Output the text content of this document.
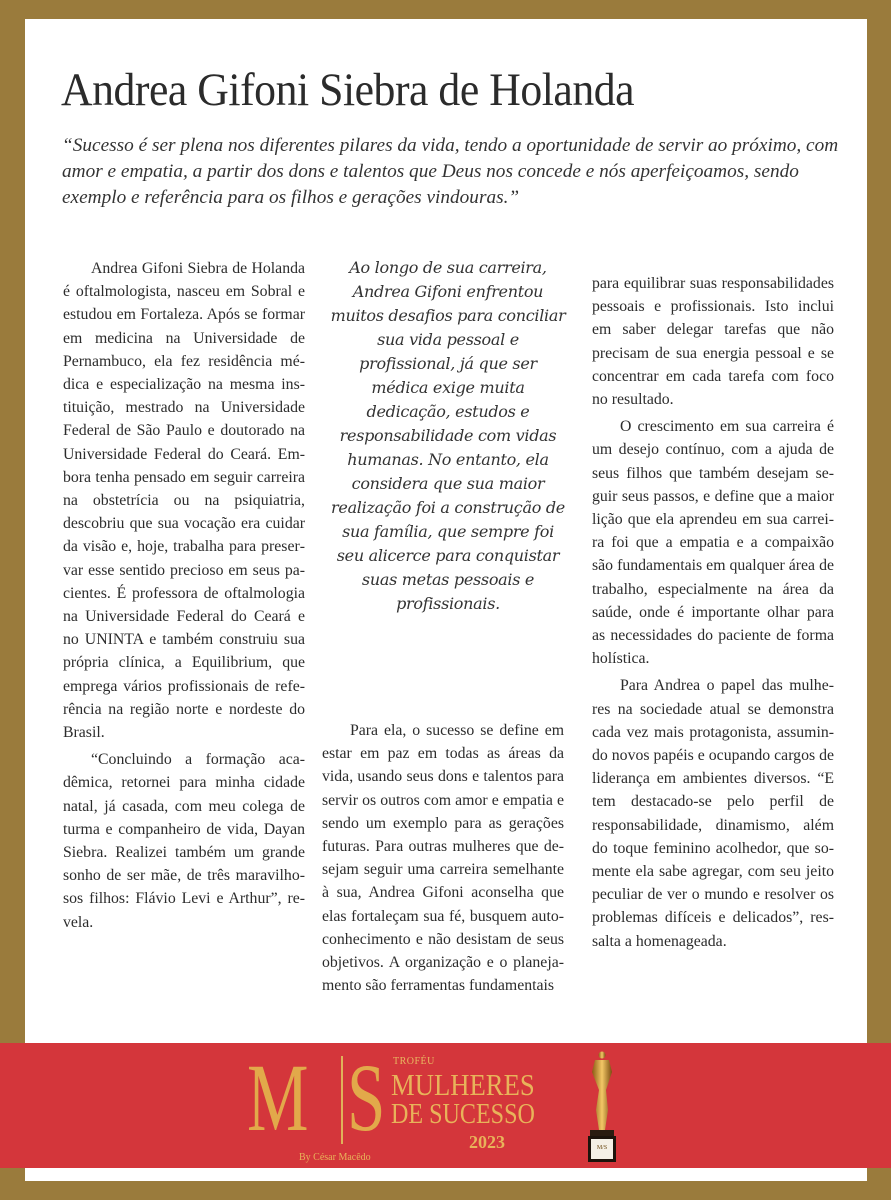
Andrea Gifoni Siebra de Holanda

“Sucesso é ser plena nos diferentes pilares da vida, tendo a oportunidade de servir ao próximo, com amor e empatia, a partir dos dons e talentos que Deus nos concede e nós aperfeiçoamos, sendo exemplo e referência para os filhos e gerações vindouras.”

Andrea Gifoni Siebra de Holanda é oftalmologista, nasceu em Sobral e estudou em Fortaleza. Após se formar em medicina na Universidade de Pernambuco, ela fez residência médica e especialização na mesma instituição, mestrado na Universidade Federal de São Paulo e doutorado na Universidade Federal do Ceará. Embora tenha pensado em seguir carreira na obstetrícia ou na psiquiatria, descobriu que sua vocação era cuidar da visão e, hoje, trabalha para preservar esse sentido precioso em seus pacientes. É professora de oftalmologia na Universidade Federal do Ceará e no UNINTA e também construiu sua própria clínica, a Equilibrium, que emprega vários profissionais de referência na região norte e nordeste do Brasil.

“Concluindo a formação acadêmica, retornei para minha cidade natal, já casada, com meu colega de turma e companheiro de vida, Dayan Siebra. Realizei também um grande sonho de ser mãe, de três maravilhosos filhos: Flávio Levi e Arthur”, revela.

Ao longo de sua carreira, Andrea Gifoni enfrentou muitos desafios para conciliar sua vida pessoal e profissional, já que ser médica exige muita dedicação, estudos e responsabilidade com vidas humanas. No entanto, ela considera que sua maior realização foi a construção de sua família, que sempre foi seu alicerce para conquistar suas metas pessoais e profissionais.

Para ela, o sucesso se define em estar em paz em todas as áreas da vida, usando seus dons e talentos para servir os outros com amor e empatia e sendo um exemplo para as gerações futuras. Para outras mulheres que desejam seguir uma carreira semelhante à sua, Andrea Gifoni aconselha que elas fortaleçam sua fé, busquem autoconhecimento e não desistam de seus objetivos. A organização e o planejamento são ferramentas fundamentais

para equilibrar suas responsabilidades pessoais e profissionais. Isto inclui em saber delegar tarefas que não precisam de sua energia pessoal e se concentrar em cada tarefa com foco no resultado.

O crescimento em sua carreira é um desejo contínuo, com a ajuda de seus filhos que também desejam seguir seus passos, e define que a maior lição que ela aprendeu em sua carreira foi que a empatia e a compaixão são fundamentais em qualquer área de trabalho, especialmente na área da saúde, onde é importante olhar para as necessidades do paciente de forma holística.

Para Andrea o papel das mulheres na sociedade atual se demonstra cada vez mais protagonista, assumindo novos papéis e ocupando cargos de liderança em ambientes diversos. “E tem destacado-se pelo perfil de responsabilidade, dinamismo, além do toque feminino acolhedor, que somente ela sabe agregar, com seu jeito peculiar de ver o mundo e resolver os problemas difíceis e delicados”, ressalta a homenageada.

M S TROFÉU
MULHERES
DE SUCESSO
2023
By César Macêdo
M/S
